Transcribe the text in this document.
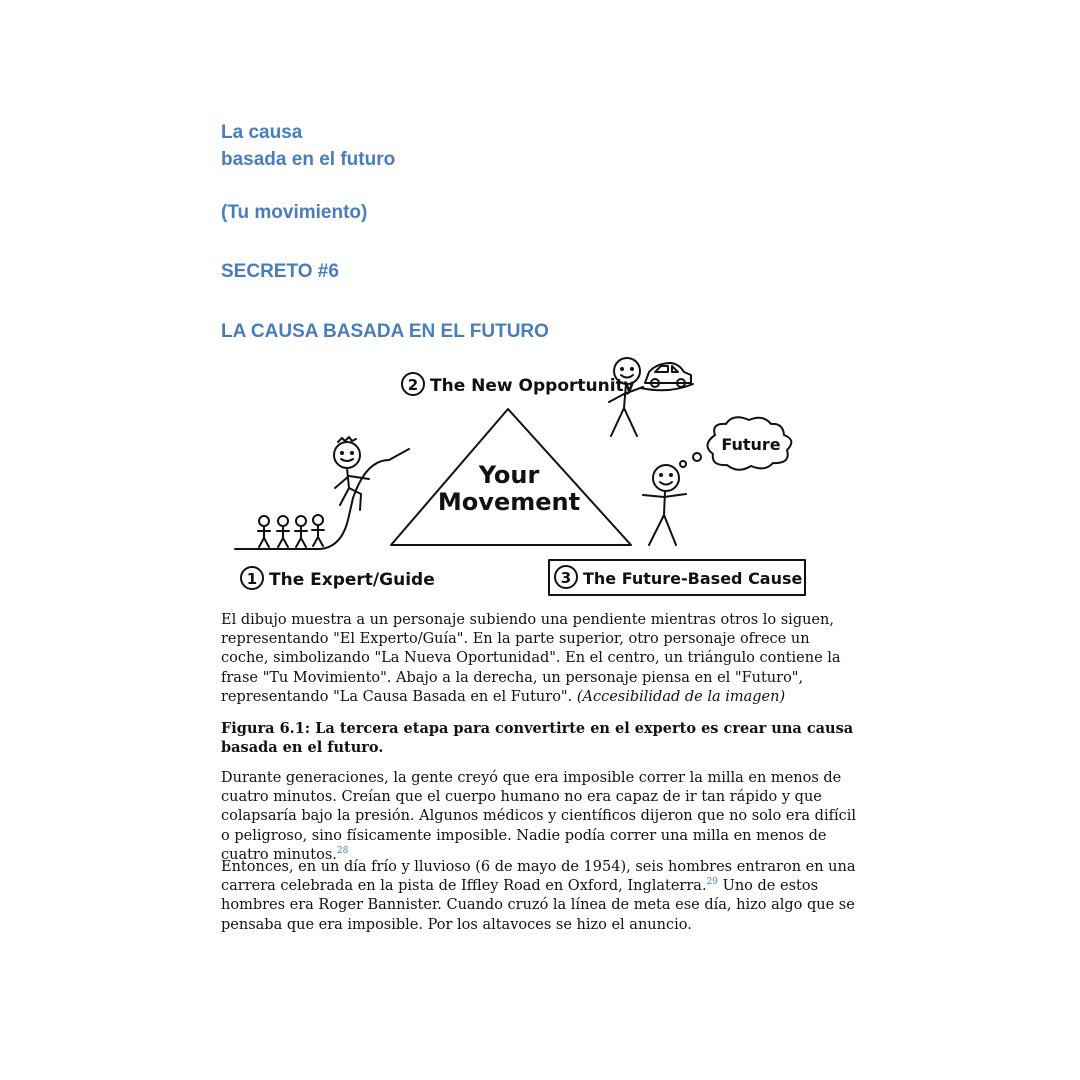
La causa
basada en el futuro
(Tu movimiento)
SECRETO #6
LA CAUSA BASADA EN EL FUTURO
2
1	3
The New Opportunity
The Expert/Guide	The Future-Based Cause
Your
Movement
Future

El dibujo muestra a un personaje subiendo una pendiente mientras otros lo siguen, representando "El Experto/Guía". En la parte superior, otro personaje ofrece un coche, simbolizando "La Nueva Oportunidad". En el centro, un triángulo contiene la frase "Tu Movimiento". Abajo a la derecha, un personaje piensa en el "Futuro", representando "La Causa Basada en el Futuro". (Accesibilidad de la imagen)

Figura 6.1: La tercera etapa para convertirte en el experto es crear una causa basada en el futuro.

Durante generaciones, la gente creyó que era imposible correr la milla en menos de cuatro minutos. Creían que el cuerpo humano no era capaz de ir tan rápido y que colapsaría bajo la presión. Algunos médicos y científicos dijeron que no solo era difícil o peligroso, sino físicamente imposible. Nadie podía correr una milla en menos de cuatro minutos.$^{28}$

Entonces, en un día frío y lluvioso (6 de mayo de 1954), seis hombres entraron en una carrera celebrada en la pista de Iffley Road en Oxford, Inglaterra.$^{29}$ Uno de estos hombres era Roger Bannister. Cuando cruzó la línea de meta ese día, hizo algo que se pensaba que era imposible. Por los altavoces se hizo el anuncio.
